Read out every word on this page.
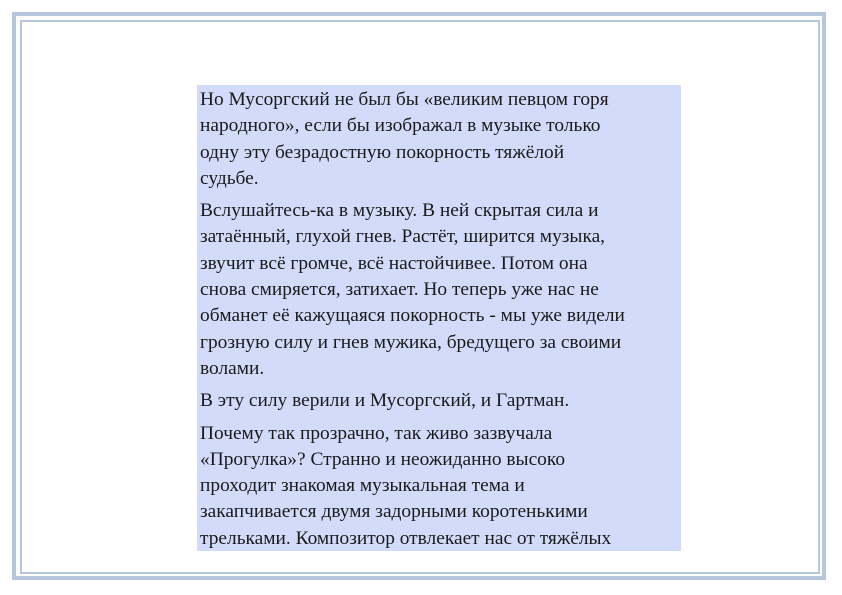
Но Мусоргский не был бы «великим певцом горя
народного», если бы изображал в музыке только
одну эту безрадостную покорность тяжёлой
судьбе.
Вслушайтесь-ка в музыку. В ней скрытая сила и
затаённый, глухой гнев. Растёт, ширится музыка,
звучит всё громче, всё настойчивее. Потом она
снова смиряется, затихает. Но теперь уже нас не
обманет её кажущаяся покорность - мы уже видели
грозную силу и гнев мужика, бредущего за своими
волами.
В эту силу верили и Мусоргский, и Гартман.
Почему так прозрачно, так живо зазвучала
«Прогулка»? Странно и неожиданно высоко
проходит знакомая музыкальная тема и
закапчивается двумя задорными коротенькими
трельками. Композитор отвлекает нас от тяжёлых
